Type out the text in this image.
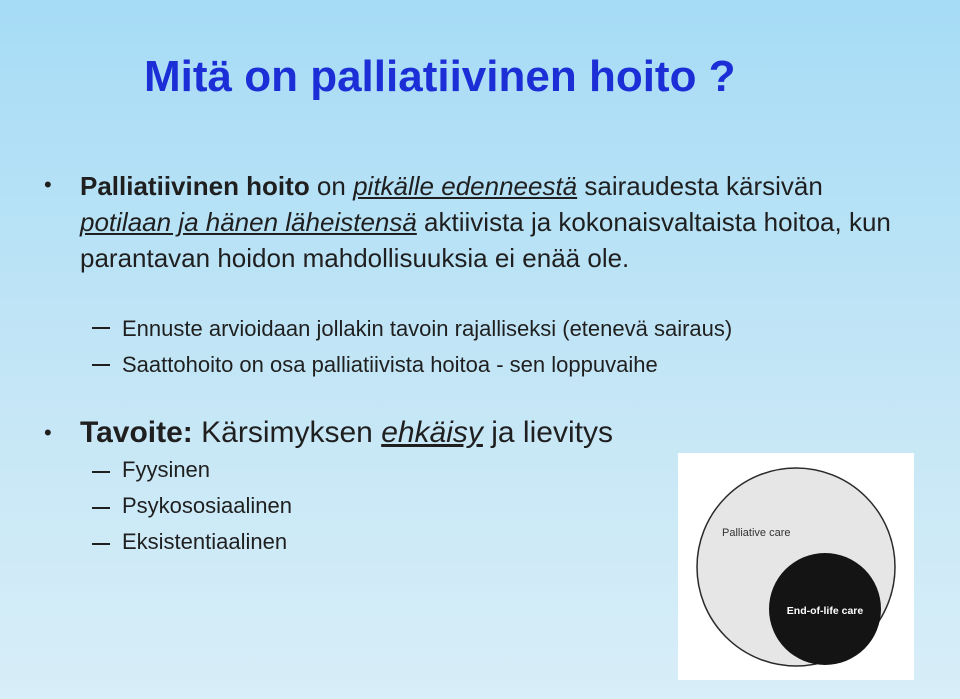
Mitä on palliatiivinen hoito ?
• Palliatiivinen hoito on pitkälle edenneestä sairaudesta kärsivän potilaan ja hänen läheistensä aktiivista ja kokonaisvaltaista hoitoa, kun parantavan hoidon mahdollisuuksia ei enää ole.
Ennuste arvioidaan jollakin tavoin rajalliseksi (etenevä sairaus)
Saattohoito on osa palliatiivista hoitoa - sen loppuvaihe
• Tavoite: Kärsimyksen ehkäisy ja lievitys
Fyysinen
Psykososiaalinen
Eksistentiaalinen	Palliative care
End-of-life care
